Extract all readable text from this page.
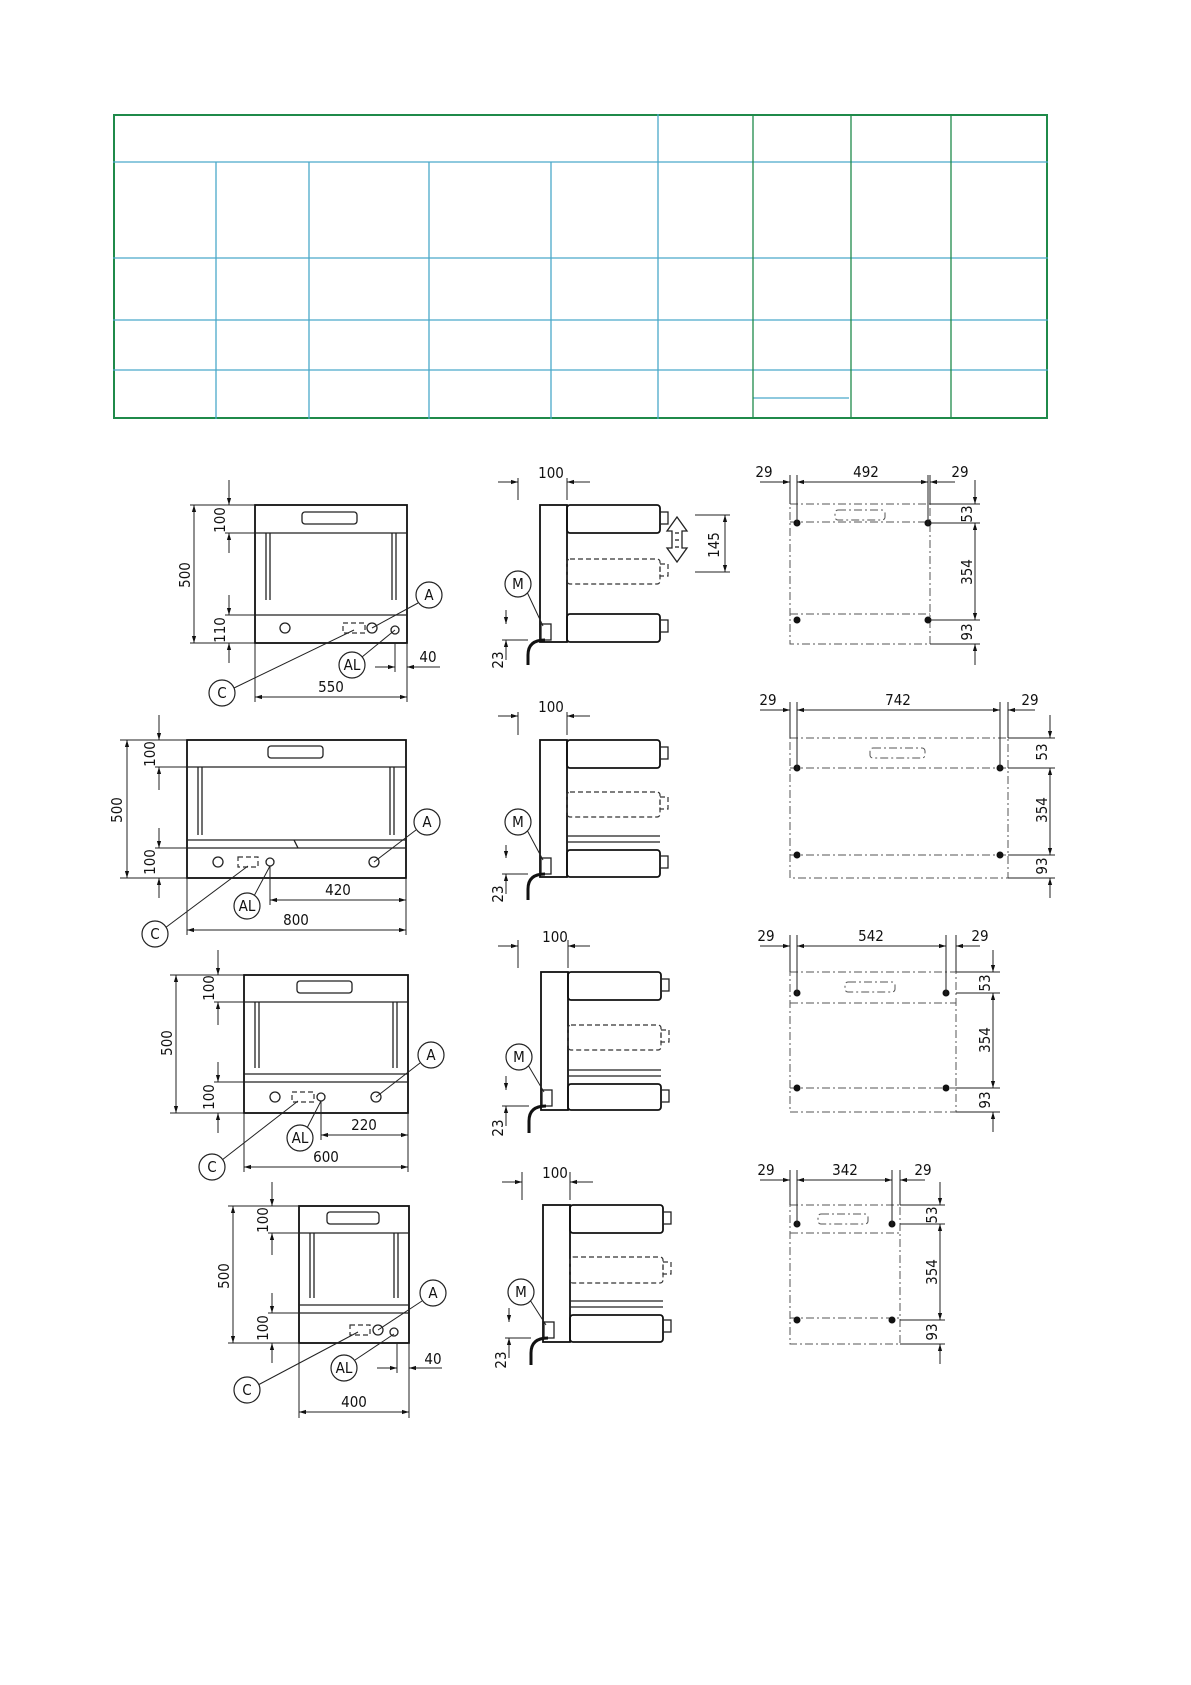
500
100
110
550
40
A
AL
C
100
23
145
M
29	492	29
53
354
93
500
100
100
800
420
A
AL
C
100
23
M
29	742	29
53
354
93
500
100
100
600
220
A
AL
C
100
23
M
29	542	29
53
354
93
500
100
100
400
40
A
AL
C
100
23
M
29	342	29
53
354
93
